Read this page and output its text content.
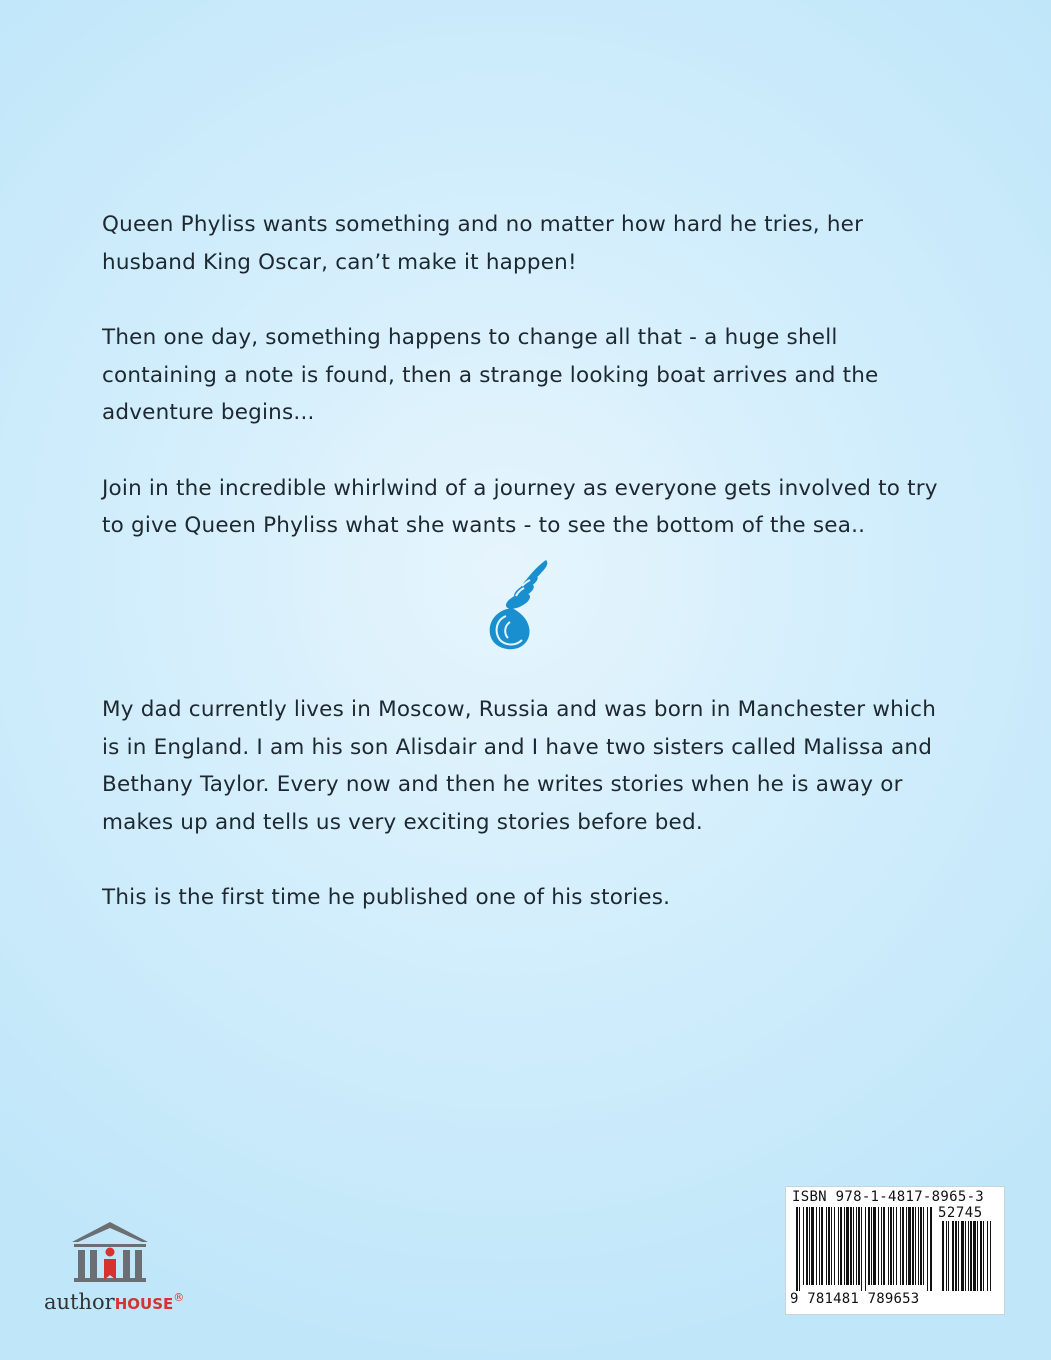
Queen Phyliss wants something and no matter how hard he tries, her husband King Oscar, can’t make it happen!

Then one day, something happens to change all that - a huge shell containing a note is found, then a strange looking boat arrives and the adventure begins...

Join in the incredible whirlwind of a journey as everyone gets involved to try to give Queen Phyliss what she wants - to see the bottom of the sea..

My dad currently lives in Moscow, Russia and was born in Manchester which is in England. I am his son Alisdair and I have two sisters called Malissa and Bethany Taylor. Every now and then he writes stories when he is away or makes up and tells us very exciting stories before bed.

This is the first time he published one of his stories.

ISBN 978-1-4817-8965-3
52745
9 781481 789653
authorHOUSE®
